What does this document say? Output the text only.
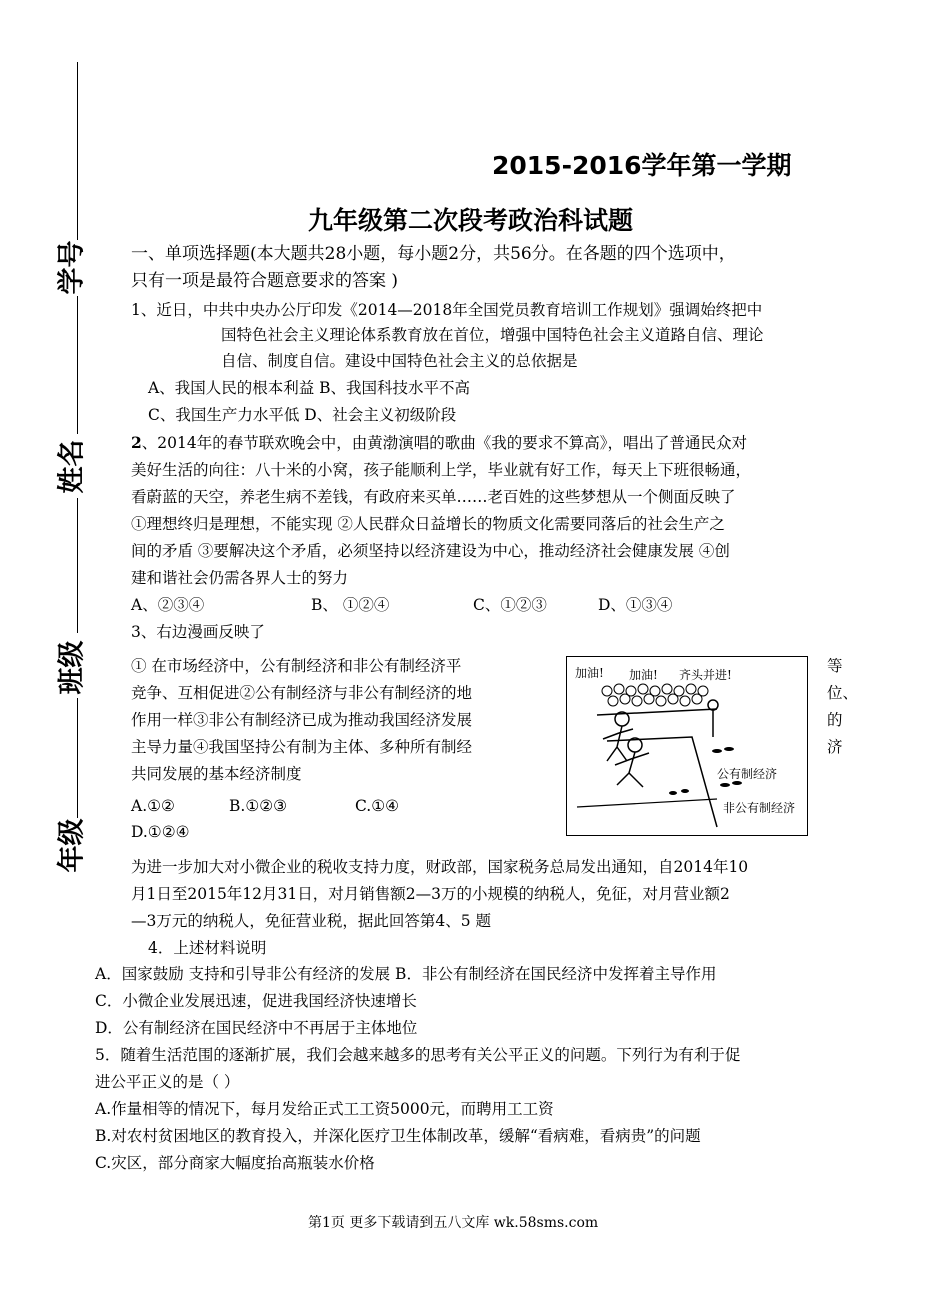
学号
姓名
班级
年级
2015-2016学年第一学期
九年级第二次段考政治科试题
一、单项选择题(本大题共28小题，每小题2分，共56分。在各题的四个选项中，
只有一项是最符合题意要求的答案 )
1、近日，中共中央办公厅印发《2014—2018年全国党员教育培训工作规划》强调始终把中
国特色社会主义理论体系教育放在首位，增强中国特色社会主义道路自信、理论
自信、制度自信。建设中国特色社会主义的总依据是
A、我国人民的根本利益 B、我国科技水平不高
C、我国生产力水平低 D、社会主义初级阶段
2、2014年的春节联欢晚会中，由黄渤演唱的歌曲《我的要求不算高》，唱出了普通民众对
美好生活的向往：八十米的小窝，孩子能顺利上学，毕业就有好工作，每天上下班很畅通，
看蔚蓝的天空，养老生病不差钱，有政府来买单……老百姓的这些梦想从一个侧面反映了
①理想终归是理想，不能实现 ②人民群众日益增长的物质文化需要同落后的社会生产之
间的矛盾 ③要解决这个矛盾，必须坚持以经济建设为中心，推动经济社会健康发展 ④创
建和谐社会仍需各界人士的努力
A、②③④	B、 ①②④	C、①②③	D、①③④
3、右边漫画反映了
① 在市场经济中，公有制经济和非公有制经济平
竞争、互相促进②公有制经济与非公有制经济的地
作用一样③非公有制经济已成为推动我国经济发展
主导力量④我国坚持公有制为主体、多种所有制经
共同发展的基本经济制度
等
位、
的
济
A.①②	B.①②③	C.①④
D.①②④
加油! 加油! 齐头并进!
公有制经济
非公有制经济
为进一步加大对小微企业的税收支持力度，财政部，国家税务总局发出通知，自2014年10
月1日至2015年12月31日，对月销售额2—3万的小规模的纳税人，免征，对月营业额2
—3万元的纳税人，免征营业税，据此回答第4、5 题
4．上述材料说明
A．国家鼓励 支持和引导非公有经济的发展 B．非公有制经济在国民经济中发挥着主导作用
C．小微企业发展迅速，促进我国经济快速增长
D．公有制经济在国民经济中不再居于主体地位
5．随着生活范围的逐渐扩展，我们会越来越多的思考有关公平正义的问题。下列行为有利于促
进公平正义的是（ ）
A.作量相等的情况下，每月发给正式工工资5000元，而聘用工工资
B.对农村贫困地区的教育投入，并深化医疗卫生体制改革，缓解“看病难，看病贵”的问题
C.灾区，部分商家大幅度抬高瓶装水价格
第1页 更多下载请到五八文库 wk.58sms.com
